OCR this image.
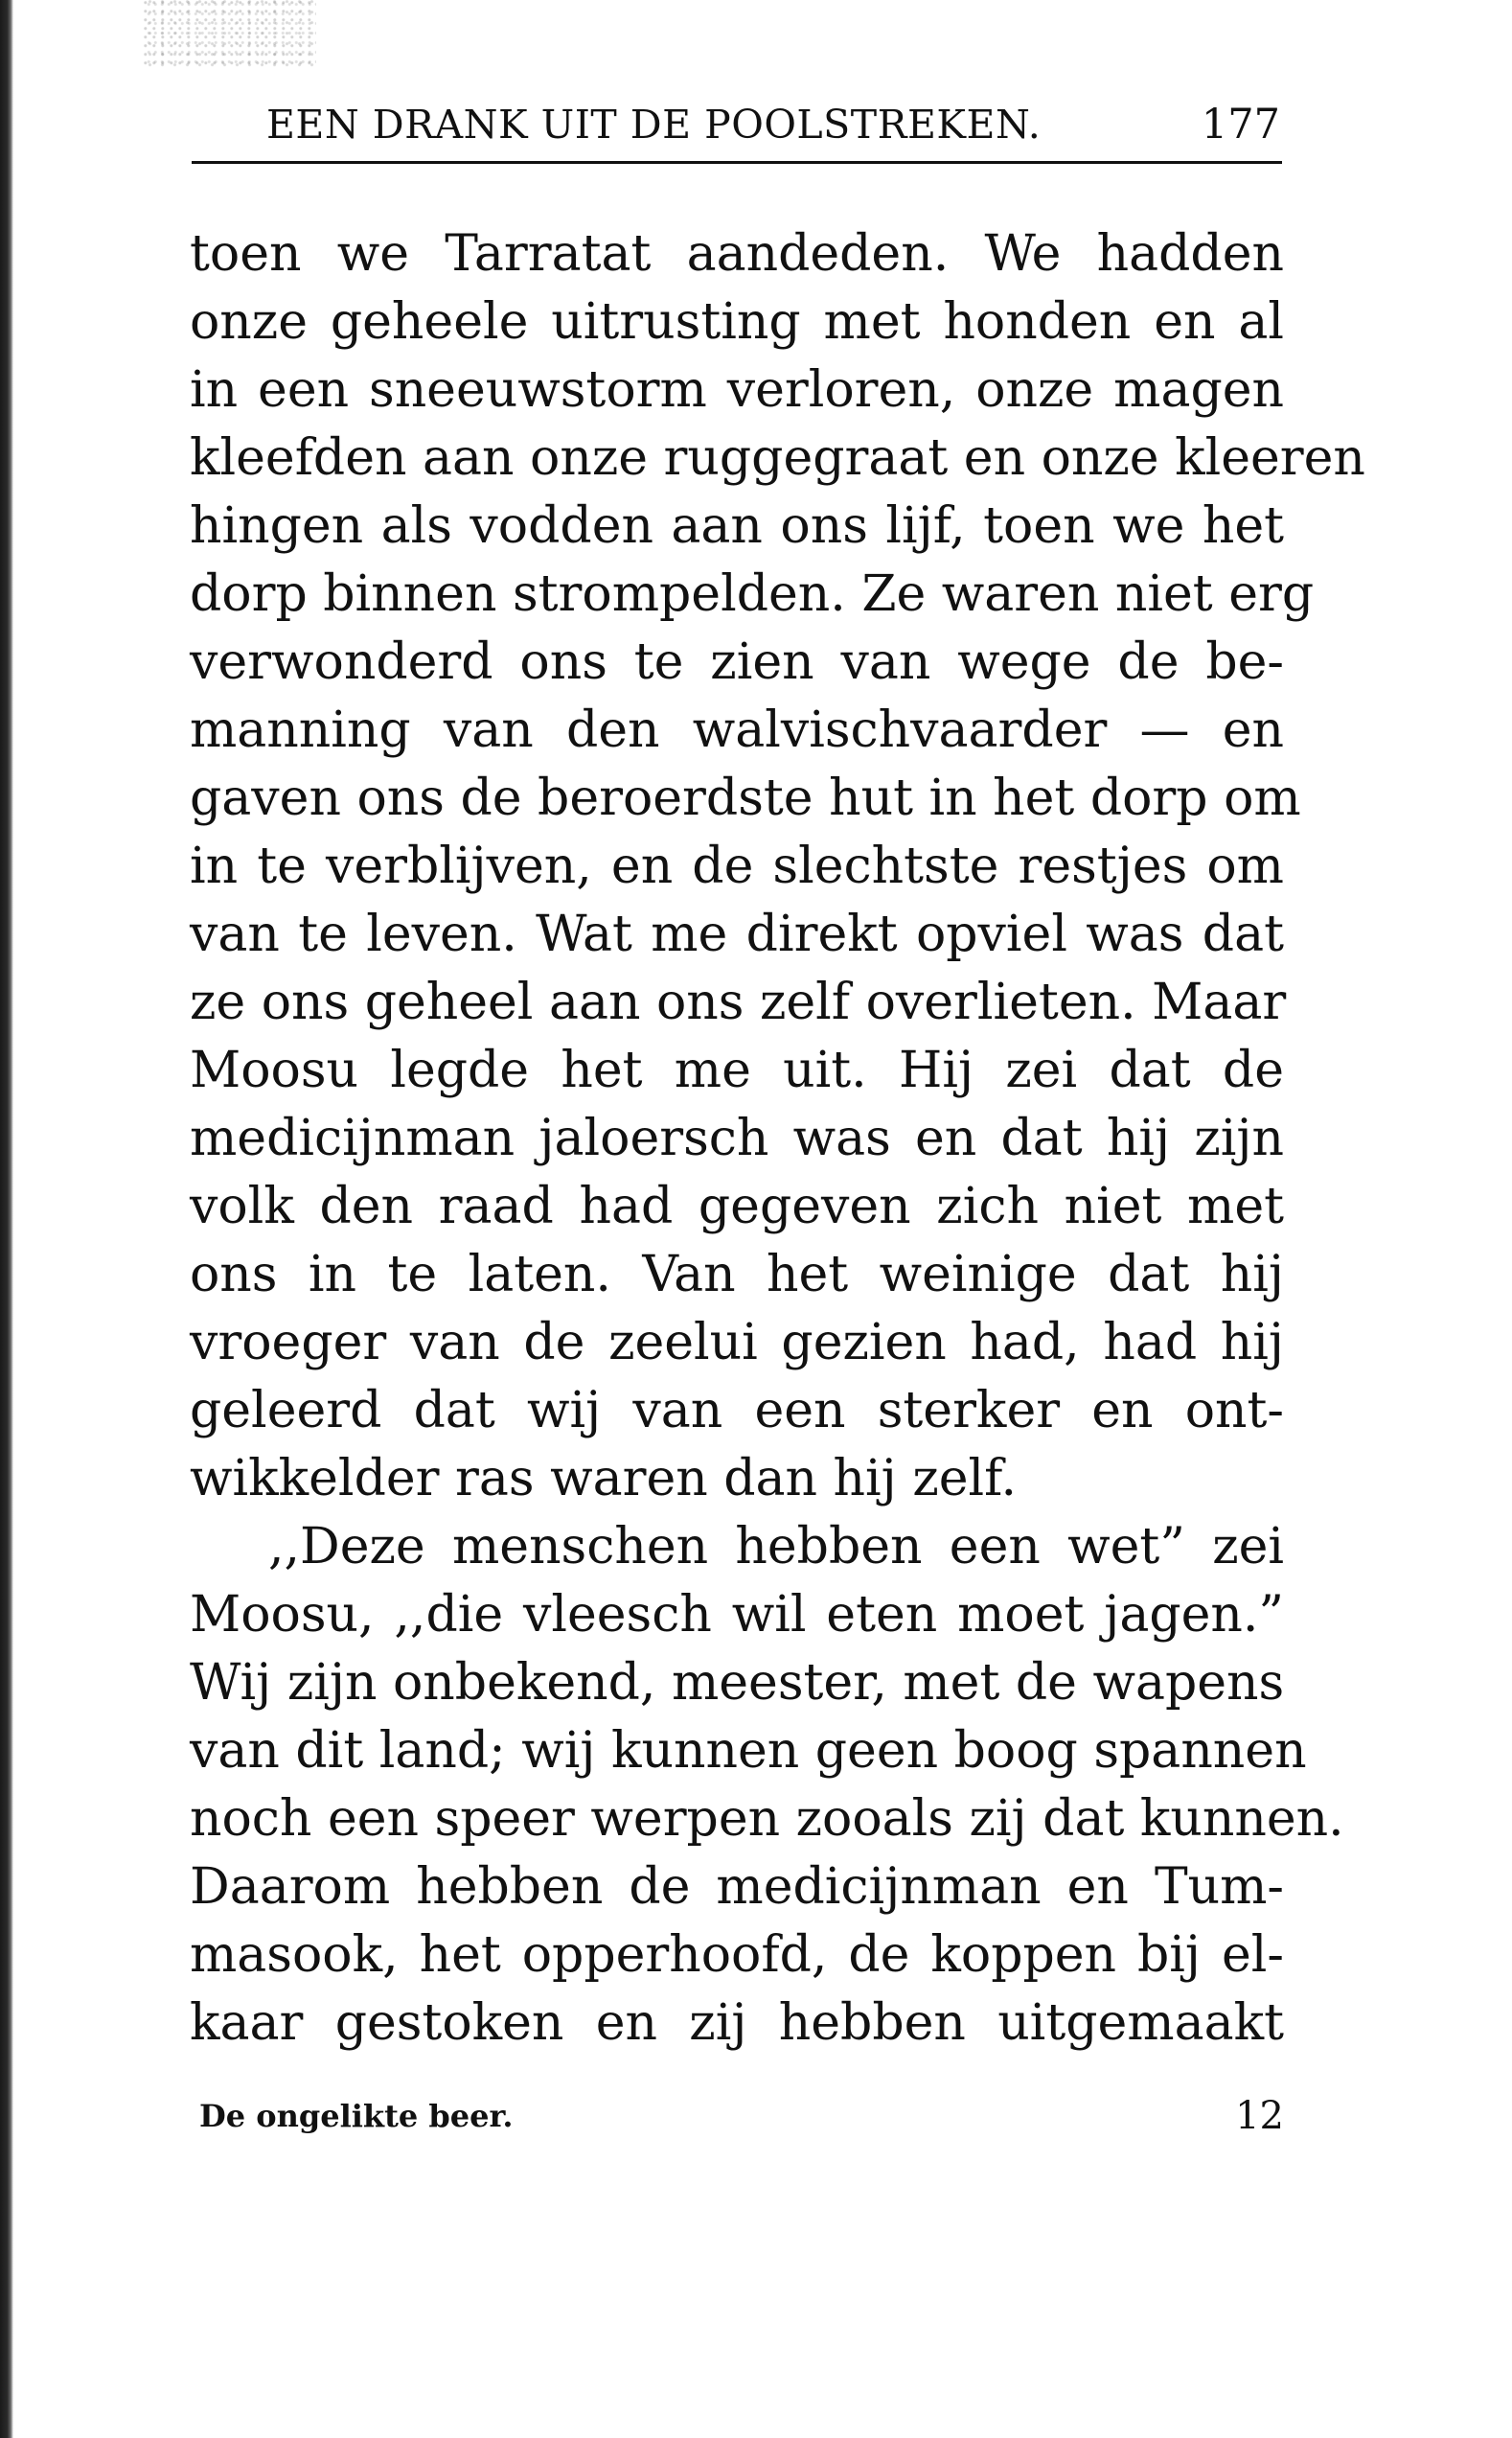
EEN DRANK UIT DE POOLSTREKEN.	177
toen we Tarratat aandeden. We hadden
onze geheele uitrusting met honden en al
in een sneeuwstorm verloren, onze magen
kleefden aan onze ruggegraat en onze kleeren
hingen als vodden aan ons lijf, toen we het
dorp binnen strompelden. Ze waren niet erg
verwonderd ons te zien van wege de be-
manning van den walvischvaarder — en
gaven ons de beroerdste hut in het dorp om
in te verblijven, en de slechtste restjes om
van te leven. Wat me direkt opviel was dat
ze ons geheel aan ons zelf overlieten. Maar
Moosu legde het me uit. Hij zei dat de
medicijnman jaloersch was en dat hij zijn
volk den raad had gegeven zich niet met
ons in te laten. Van het weinige dat hij
vroeger van de zeelui gezien had, had hij
geleerd dat wij van een sterker en ont-
wikkelder ras waren dan hij zelf.
,,Deze menschen hebben een wet” zei
Moosu, ,,die vleesch wil eten moet jagen.”
Wij zijn onbekend, meester, met de wapens
van dit land; wij kunnen geen boog spannen
noch een speer werpen zooals zij dat kunnen.
Daarom hebben de medicijnman en Tum-
masook, het opperhoofd, de koppen bij el-
kaar gestoken en zij hebben uitgemaakt
De ongelikte beer.	12
